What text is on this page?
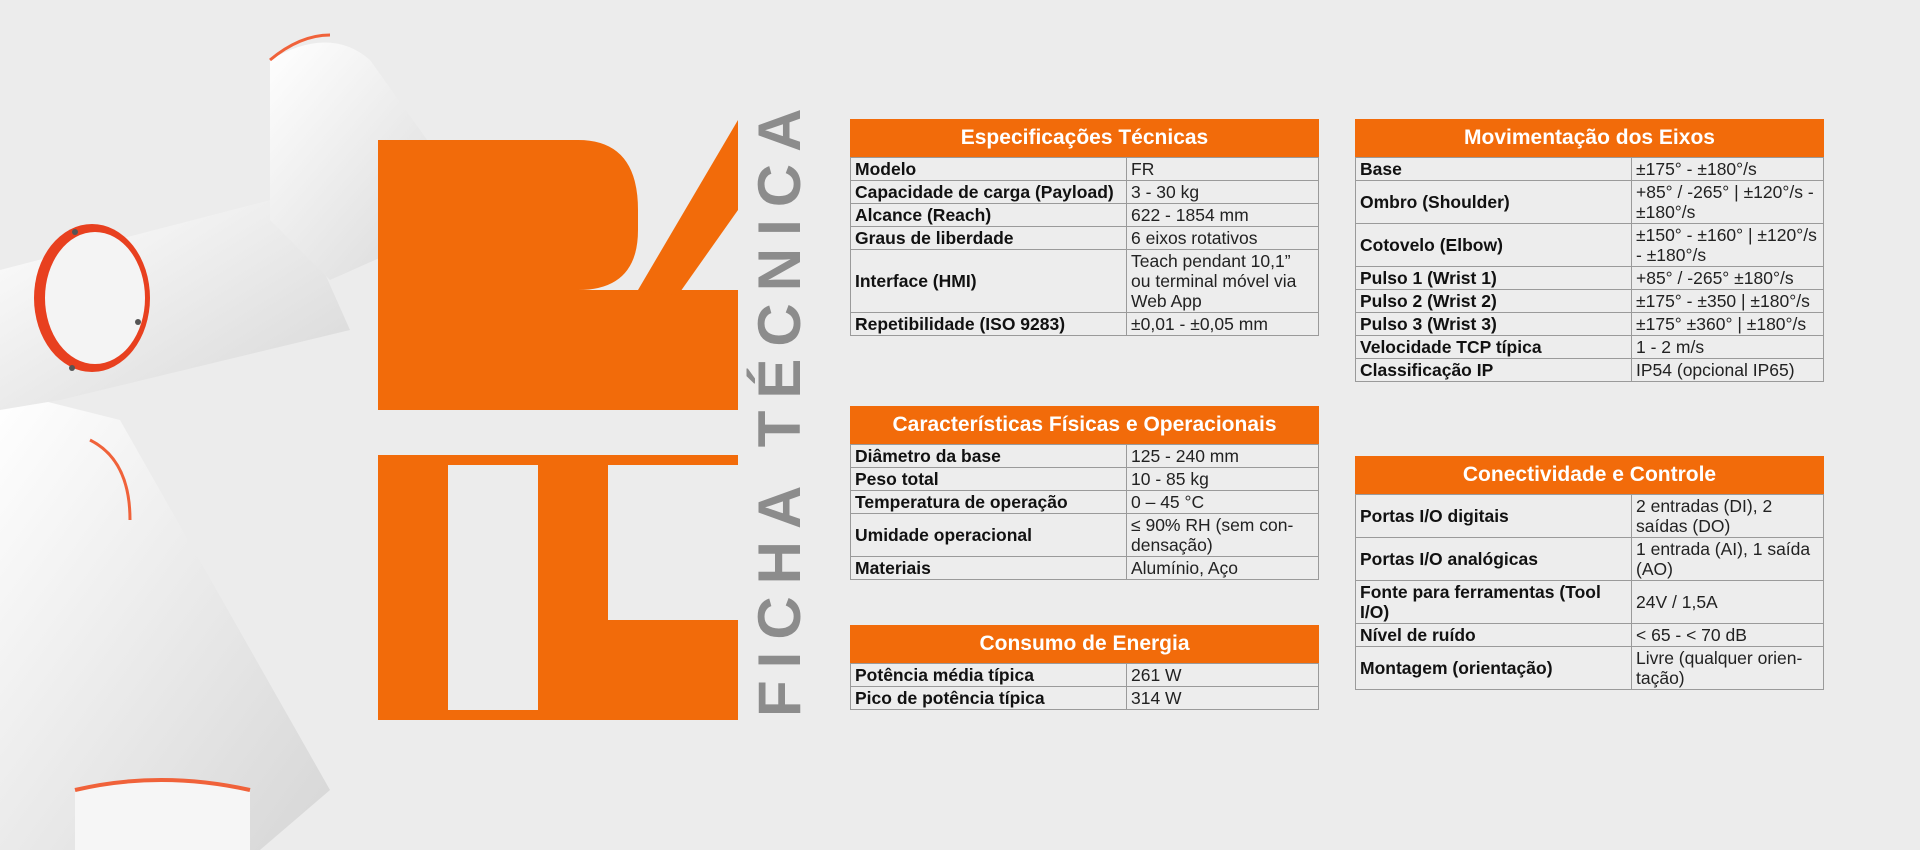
FICHA TÉCNICA	Especificações Técnicas
Modelo	FR
Capacidade de carga (Payload)	3 - 30 kg
Alcance (Reach)	622 - 1854 mm
Graus de liberdade	6 eixos rotativos
Interface (HMI)	Teach pendant 10,1” ou terminal móvel via Web App
Repetibilidade (ISO 9283)	±0,01 - ±0,05 mm
Características Físicas e Operacionais
Diâmetro da base	125 - 240 mm
Peso total	10 - 85 kg
Temperatura de operação	0 – 45 °C
Umidade operacional	≤ 90% RH (sem con-densação)
Materiais	Alumínio, Aço
Consumo de Energia
Potência média típica	261 W
Pico de potência típica	314 W
Movimentação dos Eixos
Base	±175° - ±180°/s
Ombro (Shoulder)	+85° / -265° | ±120°/s - ±180°/s
Cotovelo (Elbow)	±150° - ±160° | ±120°/s - ±180°/s
Pulso 1 (Wrist 1)	+85° / -265° ±180°/s
Pulso 2 (Wrist 2)	±175° - ±350 | ±180°/s
Pulso 3 (Wrist 3)	±175° ±360° | ±180°/s
Velocidade TCP típica	1 - 2 m/s
Classificação IP	IP54 (opcional IP65)
Conectividade e Controle
Portas I/O digitais	2 entradas (DI), 2 saídas (DO)
Portas I/O analógicas	1 entrada (AI), 1 saída (AO)
Fonte para ferramentas (Tool I/O)	24V / 1,5A
Nível de ruído	< 65 - < 70 dB
Montagem (orientação)	Livre (qualquer orien-tação)
